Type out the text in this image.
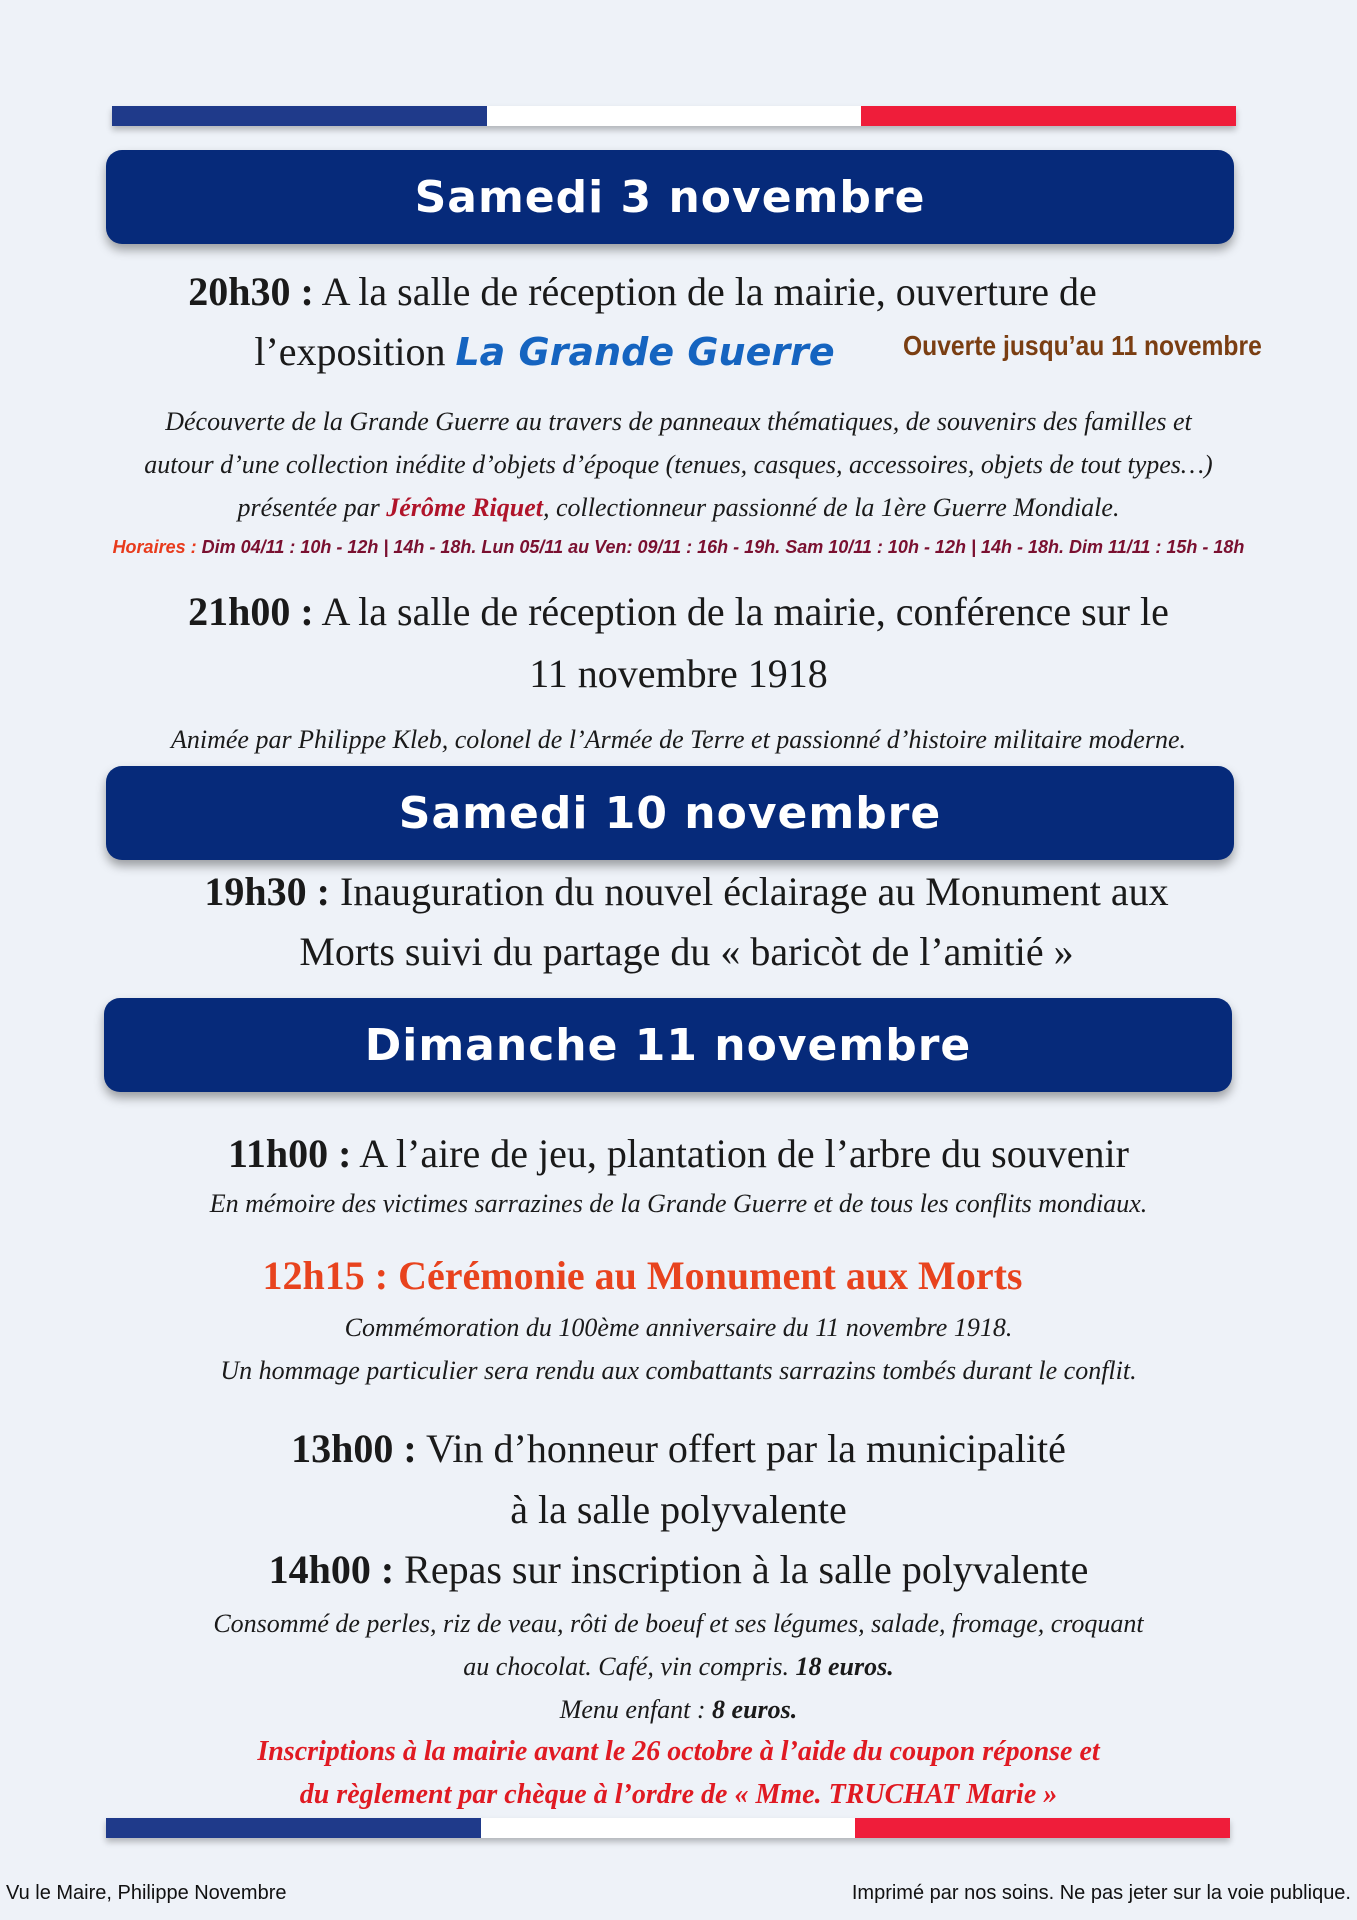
Samedi 3 novembre
20h30 : A la salle de réception de la mairie, ouverture de
l’exposition La Grande Guerre	Ouverte jusqu’au 11 novembre
Découverte de la Grande Guerre au travers de panneaux thématiques, de souvenirs des familles et
autour d’une collection inédite d’objets d’époque (tenues, casques, accessoires, objets de tout types…)
présentée par Jérôme Riquet, collectionneur passionné de la 1ère Guerre Mondiale.
Horaires : Dim 04/11 : 10h - 12h | 14h - 18h. Lun 05/11 au Ven: 09/11 : 16h - 19h. Sam 10/11 : 10h - 12h | 14h - 18h. Dim 11/11 : 15h - 18h
21h00 : A la salle de réception de la mairie, conférence sur le
11 novembre 1918
Animée par Philippe Kleb, colonel de l’Armée de Terre et passionné d’histoire militaire moderne.
Samedi 10 novembre
19h30 : Inauguration du nouvel éclairage au Monument aux
Morts suivi du partage du « baricòt de l’amitié »
Dimanche 11 novembre
11h00 : A l’aire de jeu, plantation de l’arbre du souvenir
En mémoire des victimes sarrazines de la Grande Guerre et de tous les conflits mondiaux.
12h15 : Cérémonie au Monument aux Morts
Commémoration du 100ème anniversaire du 11 novembre 1918.
Un hommage particulier sera rendu aux combattants sarrazins tombés durant le conflit.
13h00 : Vin d’honneur offert par la municipalité
à la salle polyvalente
14h00 : Repas sur inscription à la salle polyvalente
Consommé de perles, riz de veau, rôti de boeuf et ses légumes, salade, fromage, croquant
au chocolat. Café, vin compris. 18 euros.
Menu enfant : 8 euros.
Inscriptions à la mairie avant le 26 octobre à l’aide du coupon réponse et
du règlement par chèque à l’ordre de « Mme. TRUCHAT Marie »
Vu le Maire, Philippe Novembre	Imprimé par nos soins. Ne pas jeter sur la voie publique.
